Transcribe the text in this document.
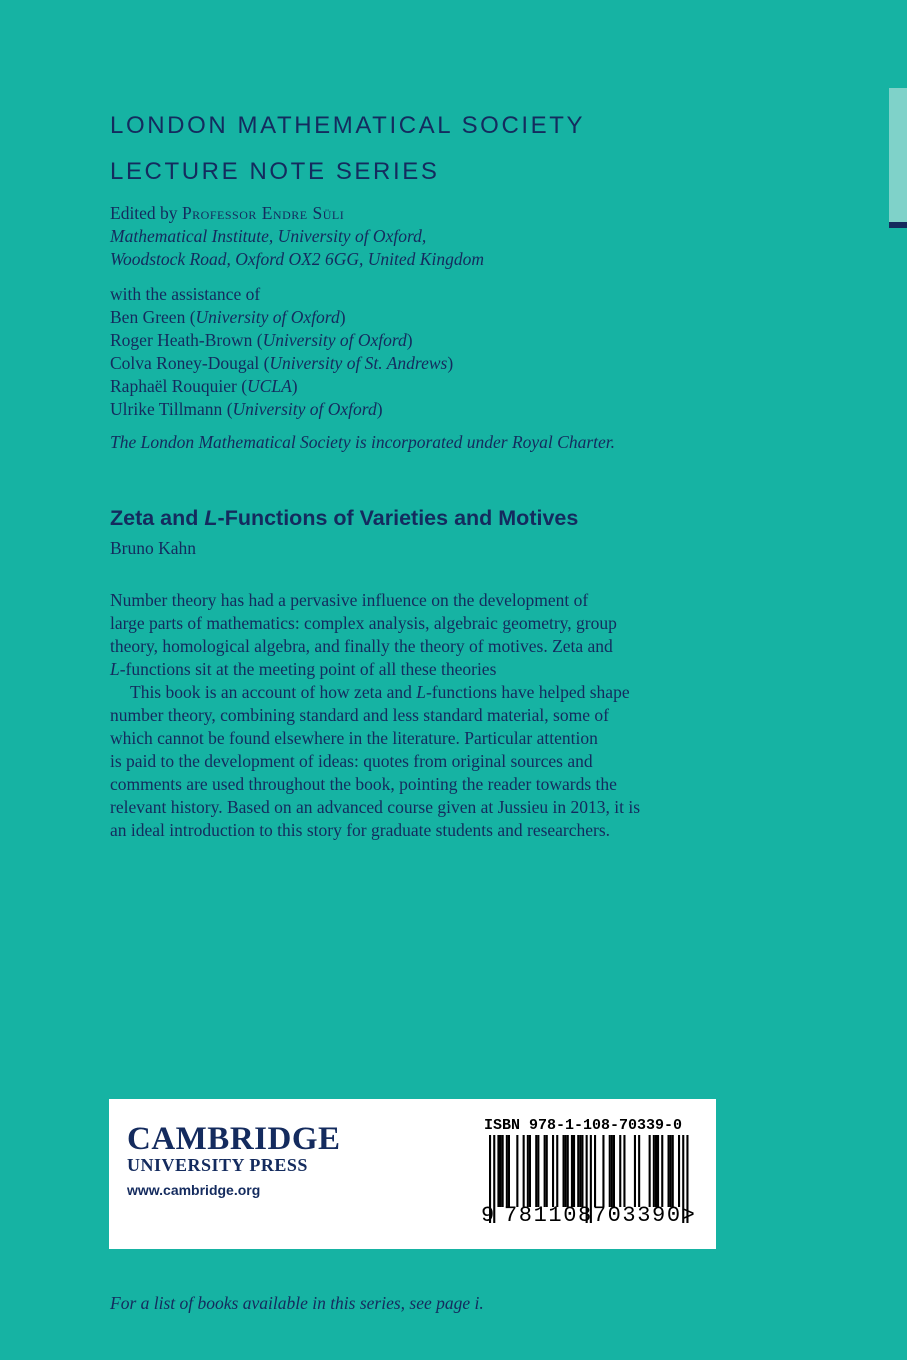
LONDON MATHEMATICAL SOCIETY
LECTURE NOTE SERIES
Edited by Professor Endre Süli
Mathematical Institute, University of Oxford,
Woodstock Road, Oxford OX2 6GG, United Kingdom
with the assistance of
Ben Green (University of Oxford)
Roger Heath-Brown (University of Oxford)
Colva Roney-Dougal (University of St. Andrews)
Raphaël Rouquier (UCLA)
Ulrike Tillmann (University of Oxford)
The London Mathematical Society is incorporated under Royal Charter.
Zeta and L-Functions of Varieties and Motives
Bruno Kahn

Number theory has had a pervasive influence on the development of

large parts of mathematics: complex analysis, algebraic geometry, group

theory, homological algebra, and finally the theory of motives. Zeta and

L-functions sit at the meeting point of all these theories

This book is an account of how zeta and L-functions have helped shape

number theory, combining standard and less standard material, some of

which cannot be found elsewhere in the literature. Particular attention

is paid to the development of ideas: quotes from original sources and

comments are used throughout the book, pointing the reader towards the

relevant history. Based on an advanced course given at Jussieu in 2013, it is

an ideal introduction to this story for graduate students and researchers.

CAMBRIDGE
UNIVERSITY PRESS
www.cambridge.org
ISBN 978-1-108-70339-0
9 781108703390>
For a list of books available in this series, see page i.
